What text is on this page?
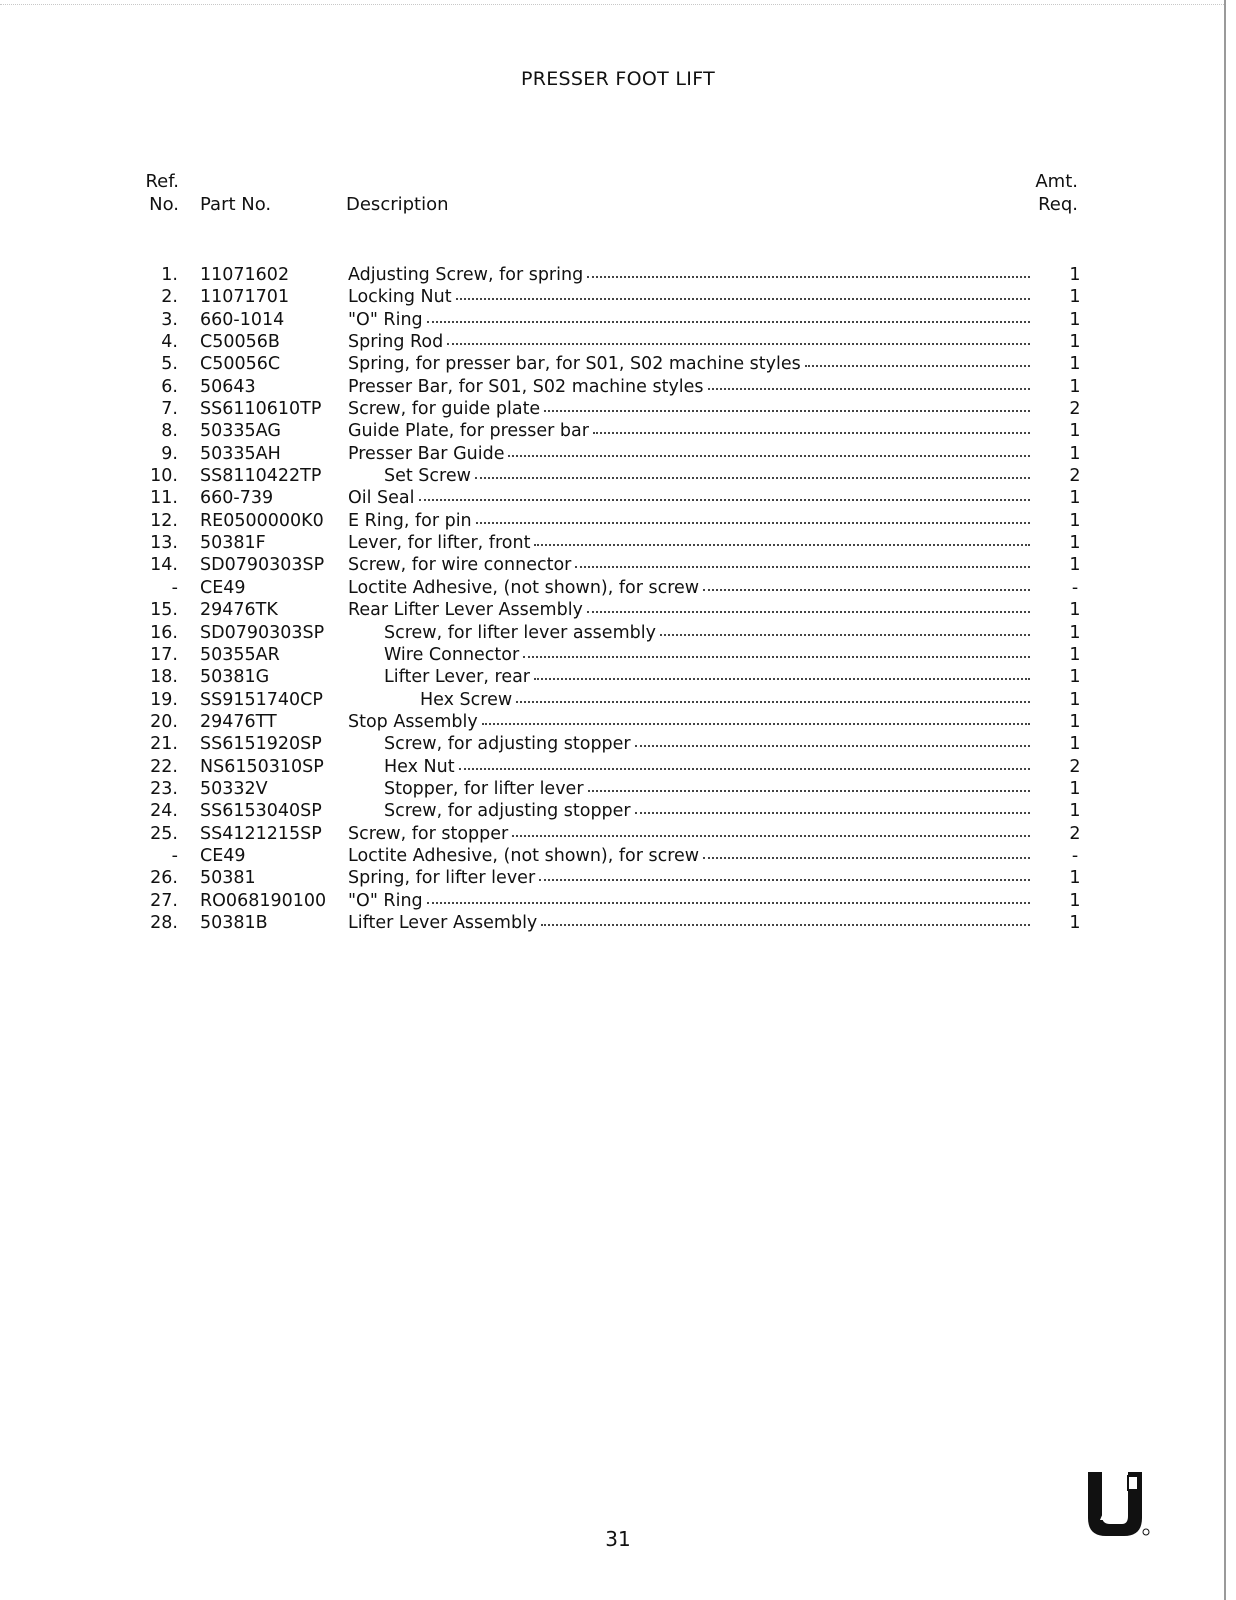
PRESSER FOOT LIFT
Ref.
No. Part No.	Description
Amt.
Req.
1. 11071602	Adjusting Screw, for spring	1
2. 11071701	Locking Nut	1
3. 660-1014	"O" Ring	1
4. C50056B	Spring Rod	1
5. C50056C	Spring, for presser bar, for S01, S02 machine styles	1
6. 50643	Presser Bar, for S01, S02 machine styles	1
7. SS6110610TP Screw, for guide plate	2
8. 50335AG	Guide Plate, for presser bar	1
9. 50335AH	Presser Bar Guide	1
10. SS8110422TP	Set Screw	2
11. 660-739	Oil Seal	1
12. RE0500000K0 E Ring, for pin	1
13. 50381F	Lever, for lifter, front	1
14. SD0790303SP Screw, for wire connector	1
- CE49	Loctite Adhesive, (not shown), for screw	-
15. 29476TK	Rear Lifter Lever Assembly	1
16. SD0790303SP	Screw, for lifter lever assembly	1
17. 50355AR	Wire Connector	1
18. 50381G	Lifter Lever, rear	1
19. SS9151740CP	Hex Screw	1
20. 29476TT	Stop Assembly	1
21. SS6151920SP	Screw, for adjusting stopper	1
22. NS6150310SP	Hex Nut	2
23. 50332V	Stopper, for lifter lever	1
24. SS6153040SP	Screw, for adjusting stopper	1
25. SS4121215SP Screw, for stopper	2
- CE49	Loctite Adhesive, (not shown), for screw	-
26. 50381	Spring, for lifter lever	1
27. RO068190100 "O" Ring	1
28. 50381B	Lifter Lever Assembly	1
31
